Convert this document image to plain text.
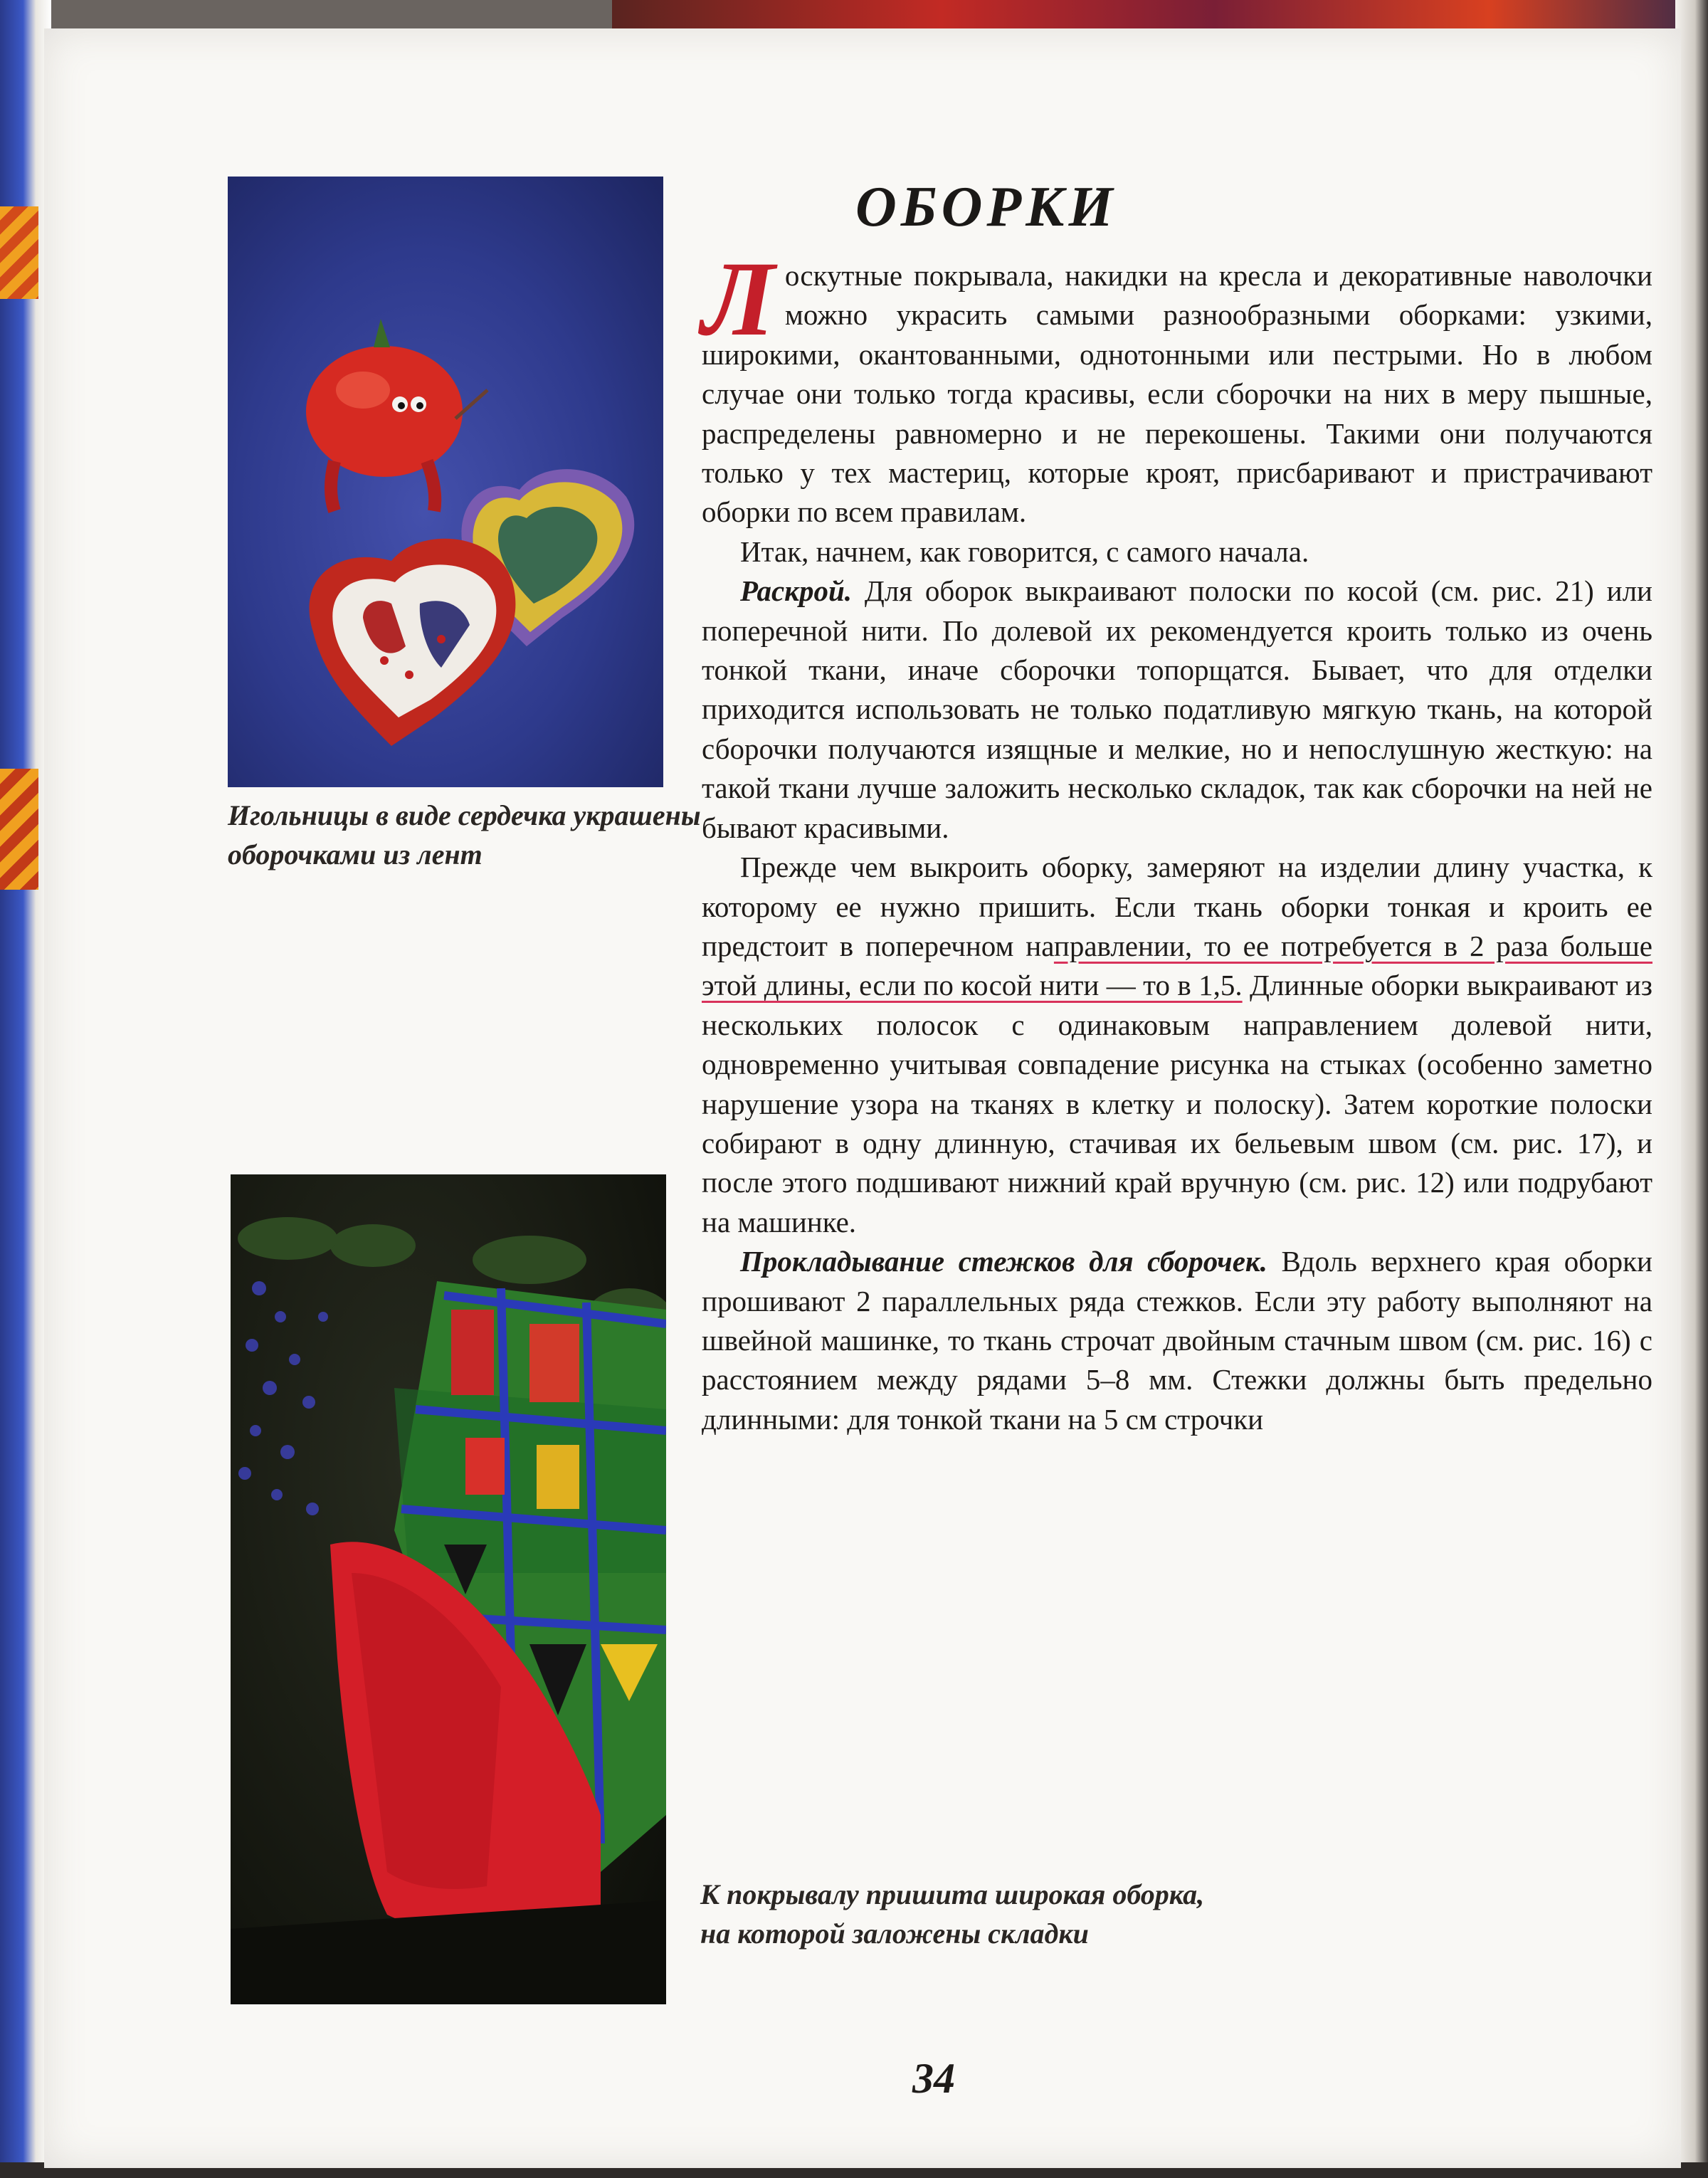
Игольницы в виде сердечка украшены оборочками из лент

К покрывалу пришита широкая оборка, на которой заложены складки

ОБОРКИ

Лоскутные покрывала, накидки на кресла и декоративные наволочки можно украсить самыми разнообразными оборками: узкими, широкими, окантованными, однотонными или пестрыми. Но в любом случае они только тогда красивы, если сборочки на них в меру пышные, распределены равномерно и не перекошены. Такими они получаются только у тех мастериц, которые кроят, присбаривают и пристрачивают оборки по всем правилам.

Итак, начнем, как говорится, с самого начала.

Раскрой. Для оборок выкраивают полоски по косой (см. рис. 21) или поперечной нити. По долевой их рекомендуется кроить только из очень тонкой ткани, иначе сборочки топорщатся. Бывает, что для отделки приходится использовать не только податливую мягкую ткань, на которой сборочки получаются изящные и мелкие, но и непослушную жесткую: на такой ткани лучше заложить несколько складок, так как сборочки на ней не бывают красивыми.

Прежде чем выкроить оборку, замеряют на изделии длину участка, к которому ее нужно пришить. Если ткань оборки тонкая и кроить ее предстоит в поперечном направлении, то ее потребуется в 2 раза больше этой длины, если по косой нити — то в 1,5. Длинные оборки выкраивают из нескольких полосок с одинаковым направлением долевой нити, одновременно учитывая совпадение рисунка на стыках (особенно заметно нарушение узора на тканях в клетку и полоску). Затем короткие полоски собирают в одну длинную, стачивая их бельевым швом (см. рис. 17), и после этого подшивают нижний край вручную (см. рис. 12) или подрубают на машинке.

Прокладывание стежков для сборочек. Вдоль верхнего края оборки прошивают 2 параллельных ряда стежков. Если эту работу выполняют на швейной машинке, то ткань строчат двойным стачным швом (см. рис. 16) с расстоянием между рядами 5–8 мм. Стежки должны быть предельно длинными: для тонкой ткани на 5 см строчки

34
